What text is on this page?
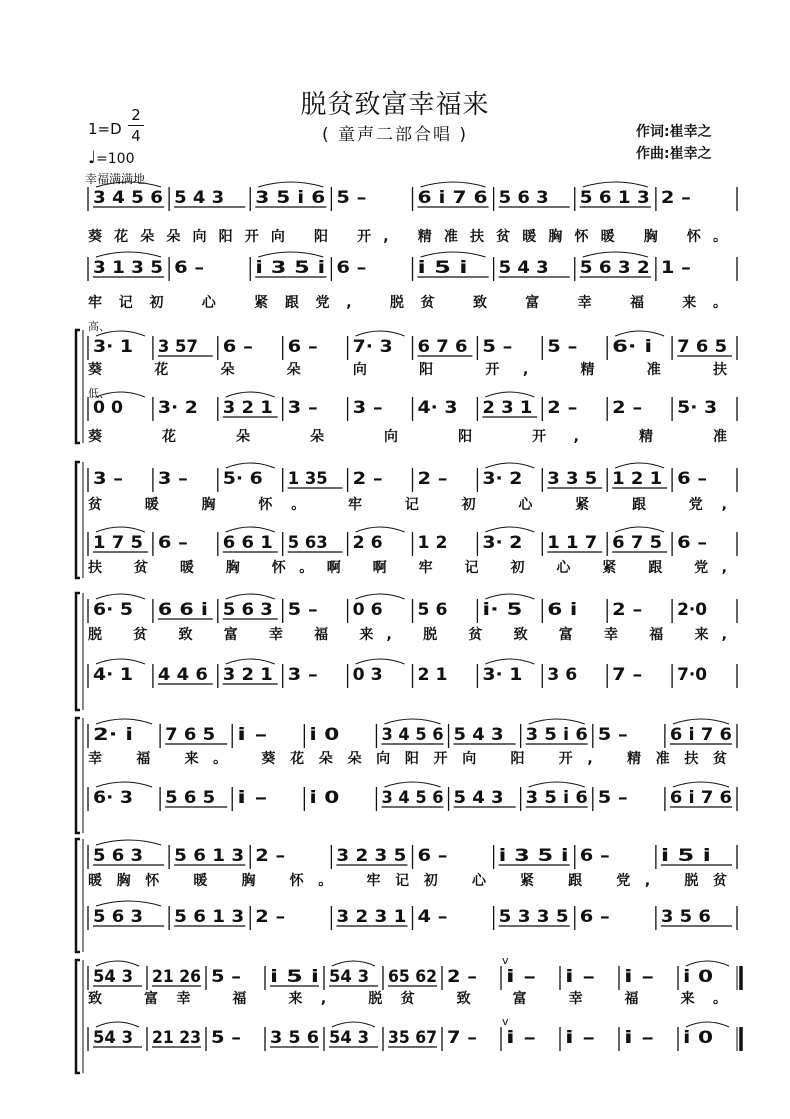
脱贫致富幸福来
( 童声二部合唱 )	作词:崔幸之
作曲:崔幸之
1=D
2
4
♩=100
幸福满满地
3 4 5 6 5 4 3 3 5 i 6 5 –	6 i 7 6 5 6 3 5 6 1 3 2 –
葵花朵朵向阳开向 阳 开, 精准扶贫暖胸怀暖 胸 怀。
3 1 3 5 6 –	i 3 5 i 6 –	i 5 i 5 4 3 5 6 3 2 1 –
牢记初 心 紧跟党, 脱贫 致 富 幸 福 来。
高、
低、
3· 1 3 57 6 – 6 – 7· 3 6 7 6 5 – 5 – 6· i 7 6 5
葵 花 朵 朵 向 阳 开, 精 准 扶
0 0 3· 2 3 2 1 3 – 3 – 4· 3 2 3 1 2 – 2 – 5· 3
葵 花 朵 朵 向 阳 开, 精 准
3 – 3 – 5· 6 1 35 2 – 2 – 3· 2 3 3 5 1 2 1 6 –
贫 暖 胸 怀。 牢 记 初 心 紧 跟 党,
1 7 5 6 – 6 6 1 5 63 2 6 1 2 3· 2 1 1 7 6 7 5 6 –
扶 贫 暖 胸 怀。啊 啊 牢 记 初 心 紧 跟 党,
6· 5 6 6 i 5 6 3 5 – 0 6 5 6 i· 5 6 i 2 – 2·0
脱 贫 致 富 幸 福 来, 脱 贫 致 富 幸 福 来,
4· 1 4 4 6 3 2 1 3 – 0 3 2 1 3· 1 3 6 7 – 7·0
2· i 7 6 5 i – i 0 3 4 5 6 5 4 3 3 5 i 6 5 – 6 i 7 6
幸 福 来。 葵花朵朵向阳开向 阳 开, 精准扶贫
6· 3 5 6 5 i – i 0 3 4 5 6 5 4 3 3 5 i 6 5 – 6 i 7 6
5 6 3 5 6 1 3 2 –	3 2 3 5 6 –	i 3 5 i 6 –	i 5 i
暖胸怀 暖 胸 怀。 牢记初 心 紧 跟 党, 脱贫
5 6 3 5 6 1 3 2 –	3 2 3 1 4 –	5 3 3 5 6 –	3 5 6
54 3 21 26 5 – i 5 i 54 3 65 62 2 – i – i – i – i 0
v
致 富幸 福 来, 脱贫 致 富 幸 福 来。
54 3 21 23 5 – 3 5 6 54 3 35 67 7 – i – i – i – i 0
v
